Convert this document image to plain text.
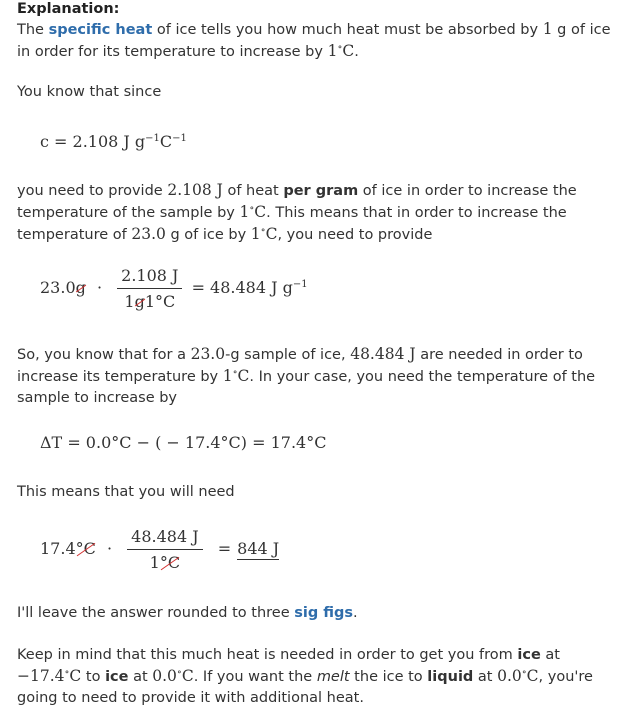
Explanation:

The specific heat of ice tells you how much heat must be absorbed by 1 g of ice in order for its temperature to increase by 1∘C.

You know that since

c = 2.108 J $g^{-1}C^{-1}$

you need to provide 2.108 J of heat per gram of ice in order to increase the temperature of the sample by 1∘C. This means that in order to increase the temperature of 23.0 g of ice by 1∘C, you need to provide

$23.0g \cdot \frac{2.108 J}{1g1^\circ C} = 48.484$ J $g^{-1}$

So, you know that for a 23.0-g sample of ice, 48.484 J are needed in order to increase its temperature by 1∘C. In your case, you need the temperature of the sample to increase by

ΔT = 0.0°C − ( − 17.4°C) = 17.4°C

This means that you will need

$17.4^\circ C \cdot \frac{48.484 J}{1^\circ C} = 844$ J

I'll leave the answer rounded to three sig figs.

Keep in mind that this much heat is needed in order to get you from ice at −17.4∘C to ice at 0.0∘C. If you want the melt the ice to liquid at 0.0∘C, you're going to need to provide it with additional heat.
